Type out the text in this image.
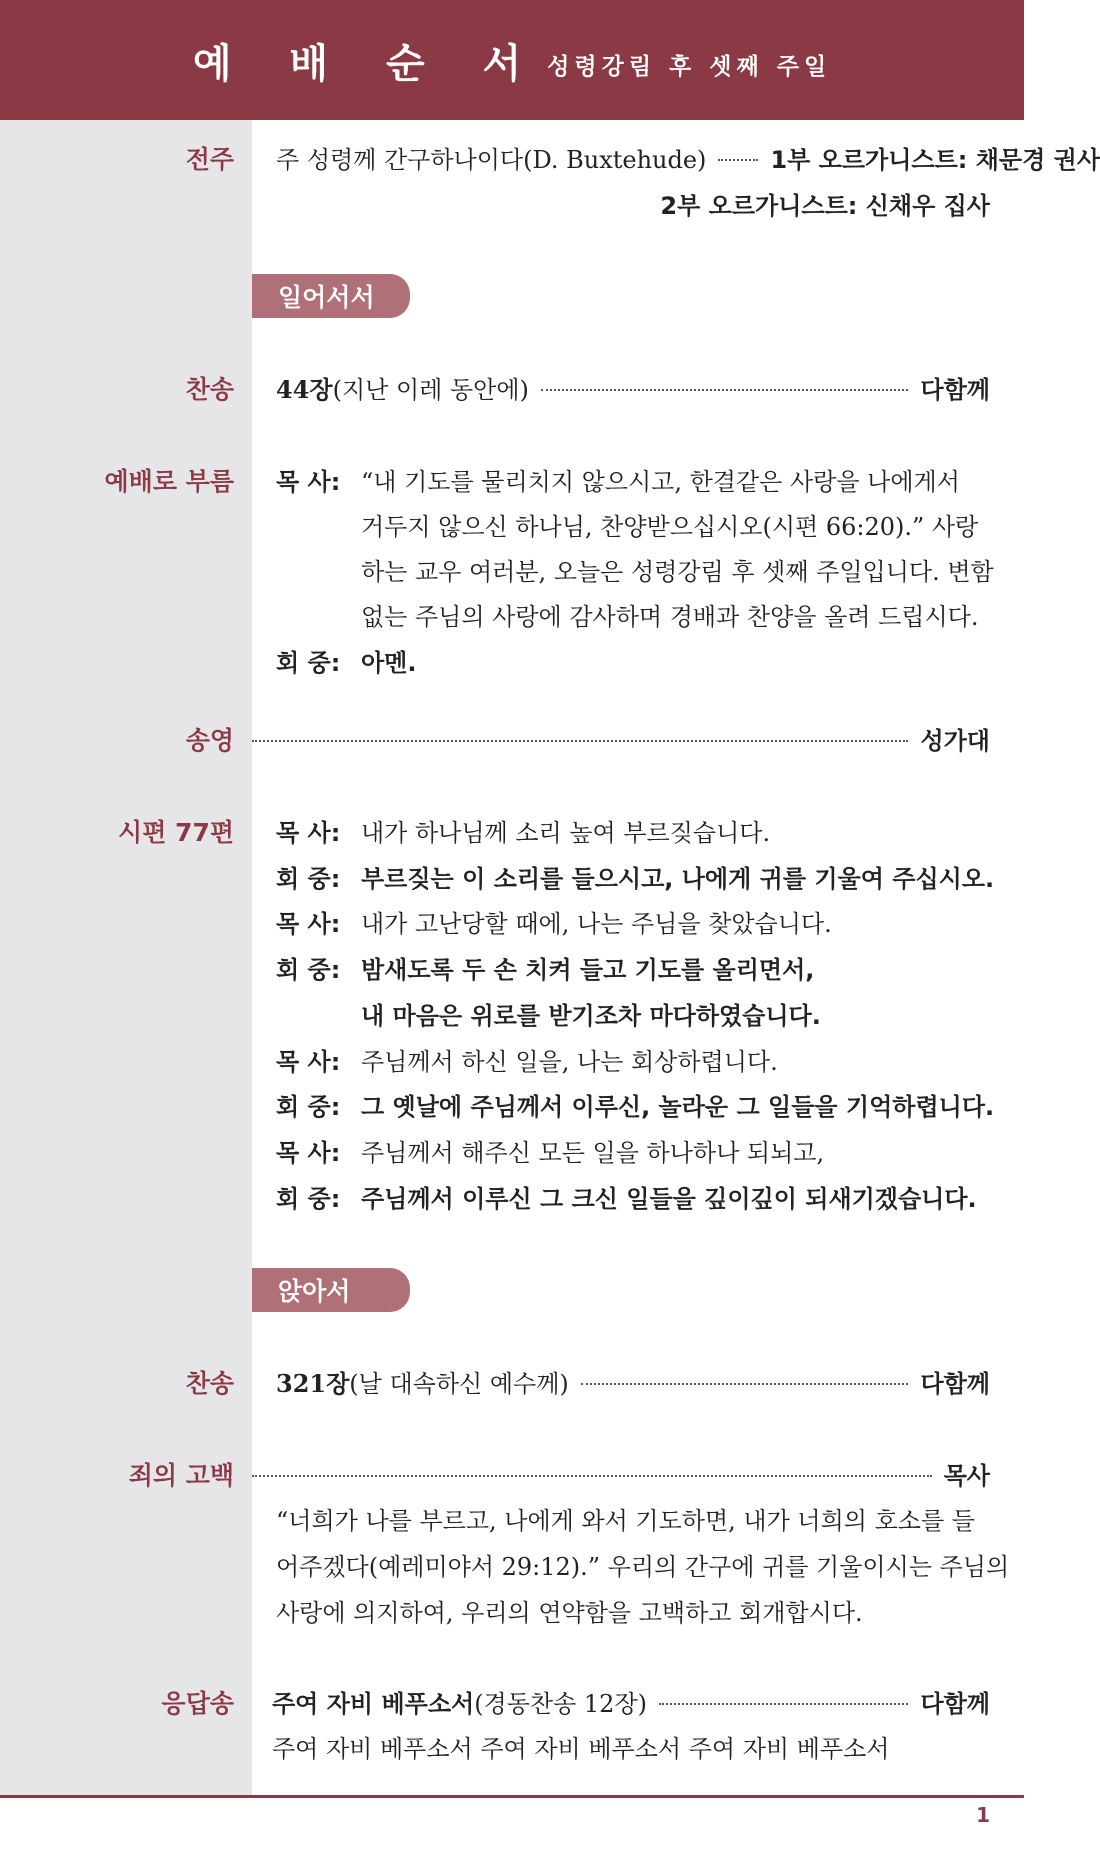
예 배 순 서 성령강림 후 셋째 주일
전주 주 성령께 간구하나이다(D. Buxtehude)	1부 오르가니스트: 채문경 권사
2부 오르가니스트: 신채우 집사
일어서서
찬송 44장 (지난 이레 동안에)	다함께
예배로 부름 목 사: “내 기도를 물리치지 않으시고, 한결같은 사랑을 나에게서
거두지 않으신 하나님, 찬양받으십시오(시편 66:20).” 사랑
하는 교우 여러분, 오늘은 성령강림 후 셋째 주일입니다. 변함
없는 주님의 사랑에 감사하며 경배과 찬양을 올려 드립시다.
회 중: 아멘.
송영	성가대
시편 77편 목 사: 내가 하나님께 소리 높여 부르짖습니다.
회 중: 부르짖는 이 소리를 들으시고, 나에게 귀를 기울여 주십시오.
목 사: 내가 고난당할 때에, 나는 주님을 찾았습니다.
회 중: 밤새도록 두 손 치켜 들고 기도를 올리면서,
내 마음은 위로를 받기조차 마다하였습니다.
목 사: 주님께서 하신 일을, 나는 회상하렵니다.
회 중: 그 옛날에 주님께서 이루신, 놀라운 그 일들을 기억하렵니다.
목 사: 주님께서 해주신 모든 일을 하나하나 되뇌고,
회 중: 주님께서 이루신 그 크신 일들을 깊이깊이 되새기겠습니다.
앉아서
찬송 321장 (날 대속하신 예수께)	다함께
죄의 고백	목사
“너희가 나를 부르고, 나에게 와서 기도하면, 내가 너희의 호소를 들
어주겠다(예레미야서 29:12).” 우리의 간구에 귀를 기울이시는 주님의
사랑에 의지하여, 우리의 연약함을 고백하고 회개합시다.
응답송 주여 자비 베푸소서 (경동찬송 12장)	다함께
주여 자비 베푸소서 주여 자비 베푸소서 주여 자비 베푸소서
1
